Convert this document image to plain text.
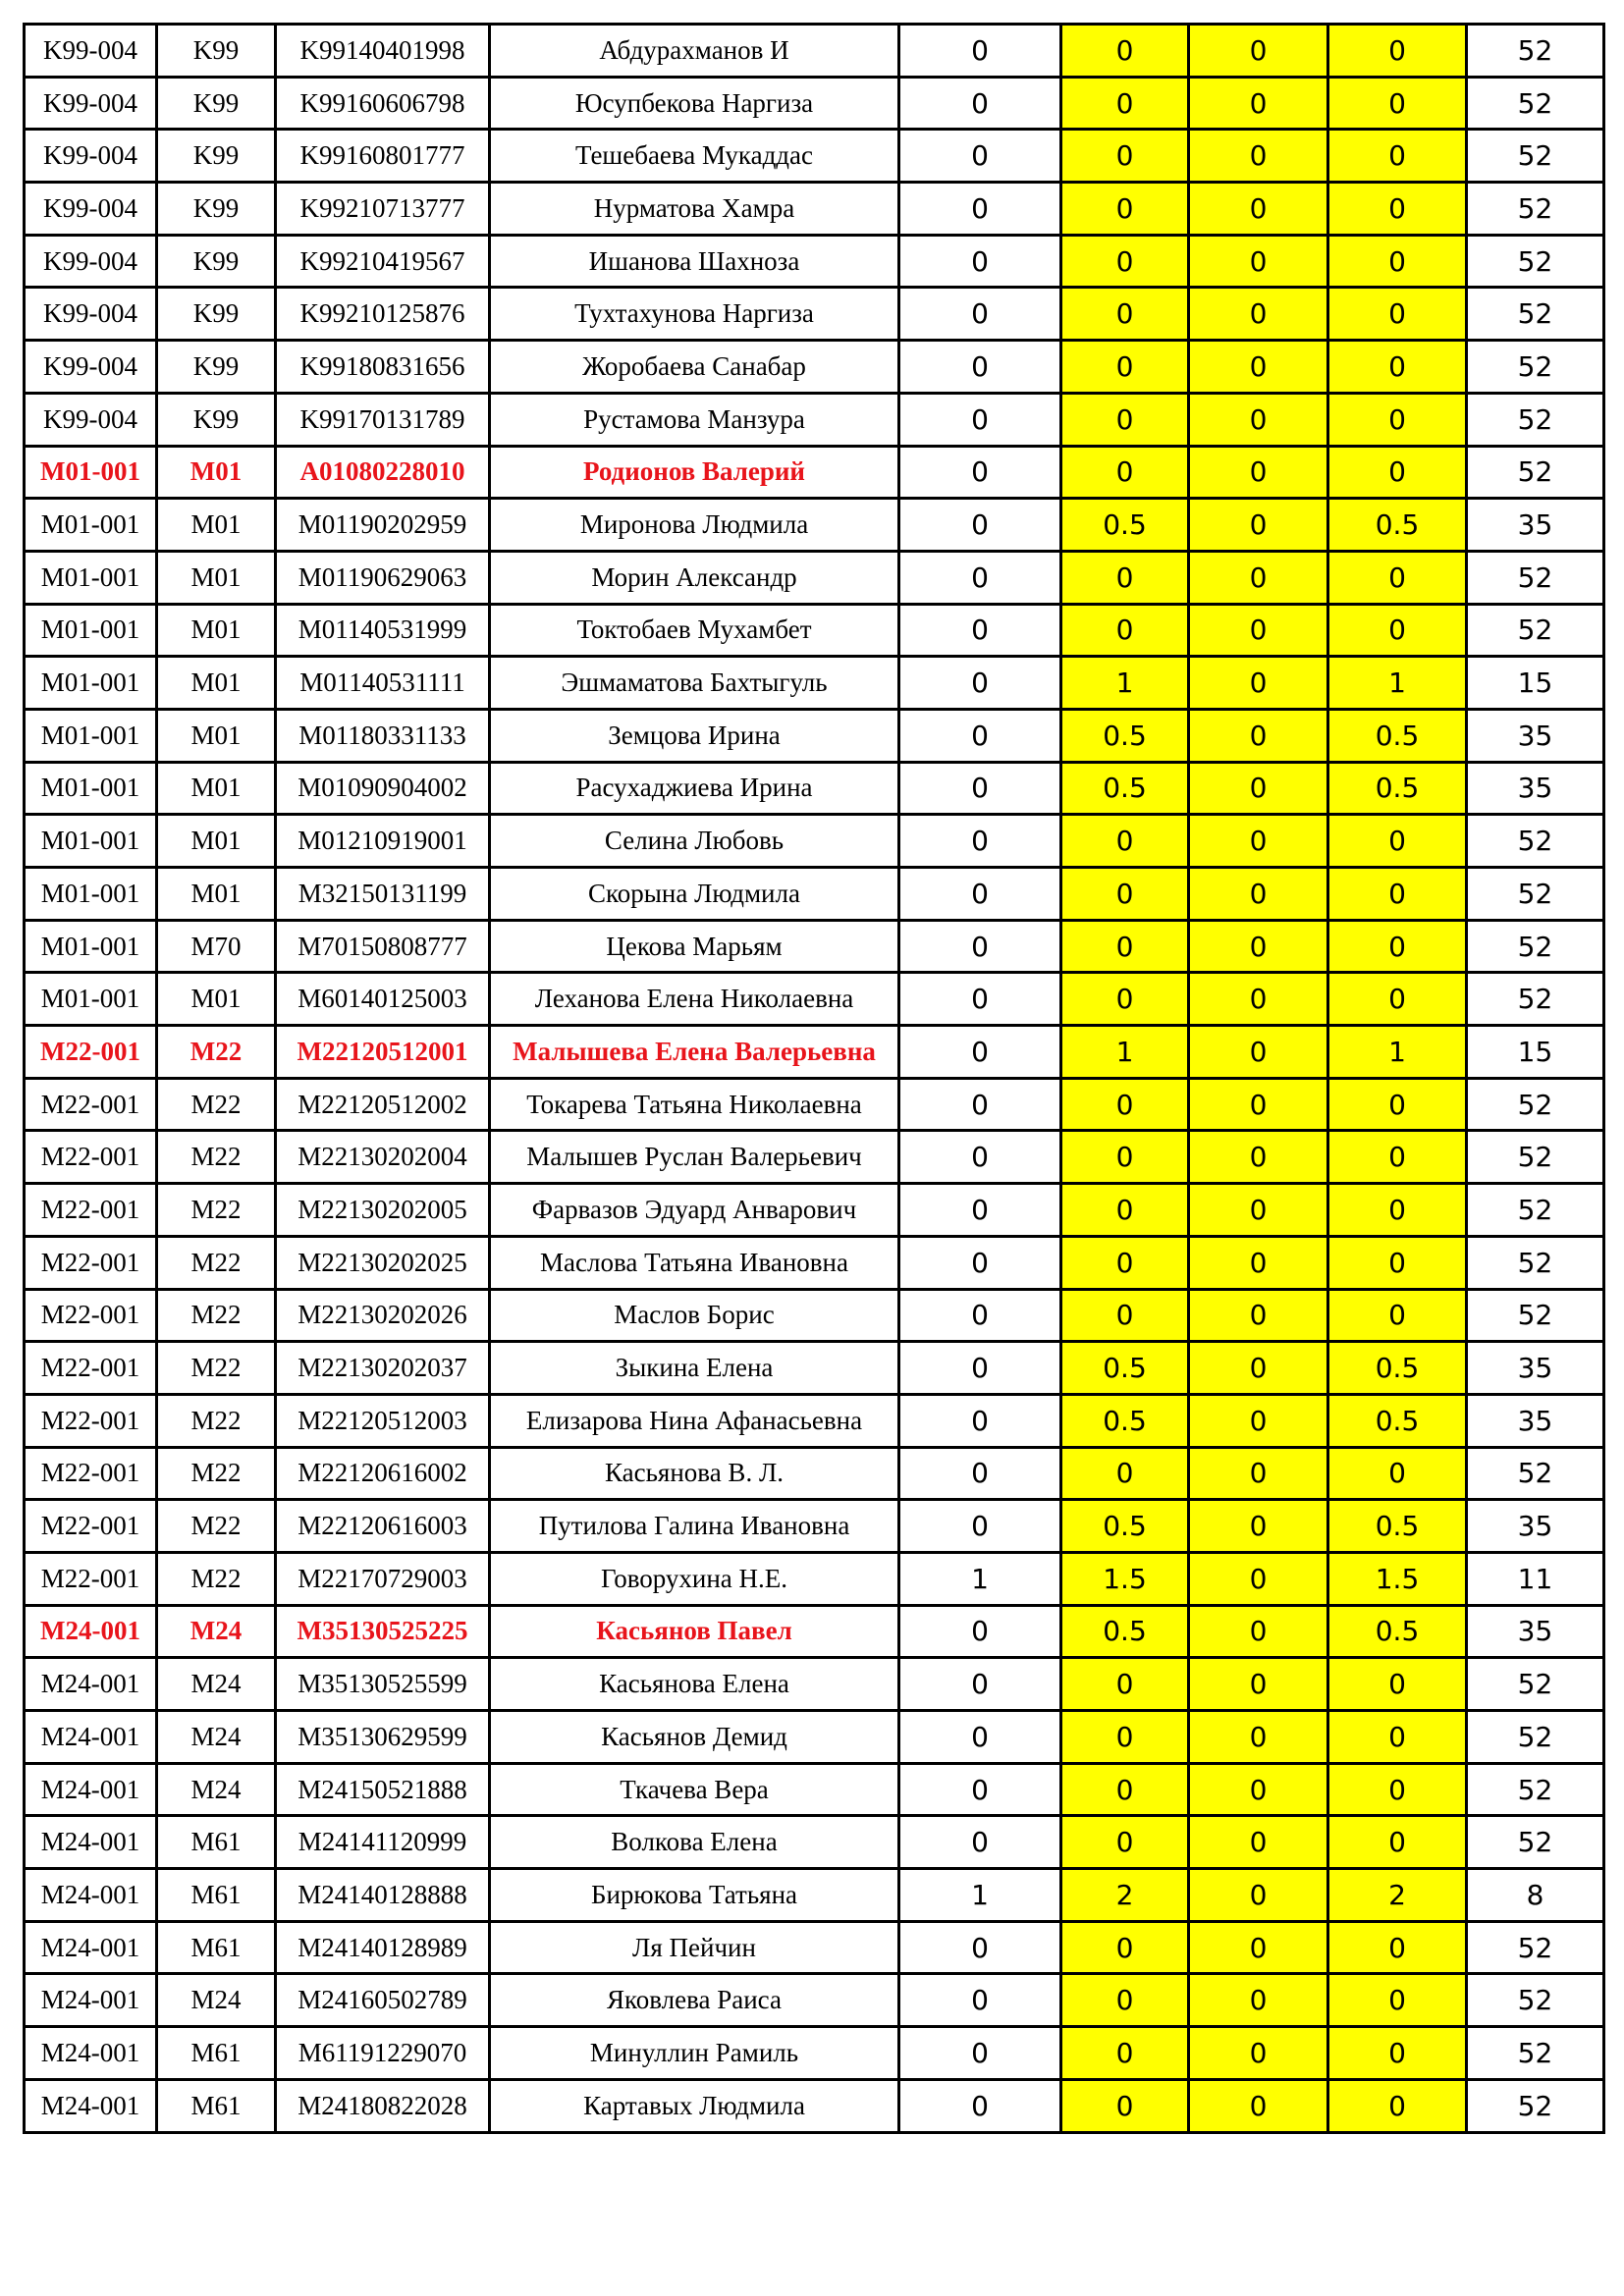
K99-004	K99	K99140401998	Абдурахманов И	0	0	0	0	52
K99-004	K99	K99160606798	Юсупбекова Наргиза	0	0	0	0	52
K99-004	K99	K99160801777	Тешебаева Мукаддас	0	0	0	0	52
K99-004	K99	K99210713777	Нурматова Хамра	0	0	0	0	52
K99-004	K99	K99210419567	Ишанова Шахноза	0	0	0	0	52
K99-004	K99	K99210125876	Тухтахунова Наргиза	0	0	0	0	52
K99-004	K99	K99180831656	Жоробаева Санабар	0	0	0	0	52
K99-004	K99	K99170131789	Рустамова Манзура	0	0	0	0	52
M01-001	M01	A01080228010	Родионов Валерий	0	0	0	0	52
M01-001	M01	M01190202959	Миронова Людмила	0	0.5	0	0.5	35
M01-001	M01	M01190629063	Морин Александр	0	0	0	0	52
M01-001	M01	M01140531999	Токтобаев Мухамбет	0	0	0	0	52
M01-001	M01	M01140531111	Эшмаматова Бахтыгуль	0	1	0	1	15
M01-001	M01	M01180331133	Земцова Ирина	0	0.5	0	0.5	35
M01-001	M01	M01090904002	Расухаджиева Ирина	0	0.5	0	0.5	35
M01-001	M01	M01210919001	Селина Любовь	0	0	0	0	52
M01-001	M01	M32150131199	Скорына Людмила	0	0	0	0	52
M01-001	M70	M70150808777	Цекова Марьям	0	0	0	0	52
M01-001	M01	M60140125003	Леханова Елена Николаевна	0	0	0	0	52
M22-001	M22	M22120512001	Малышева Елена Валерьевна	0	1	0	1	15
M22-001	M22	M22120512002	Токарева Татьяна Николаевна	0	0	0	0	52
M22-001	M22	M22130202004	Малышев Руслан Валерьевич	0	0	0	0	52
M22-001	M22	M22130202005	Фарвазов Эдуард Анварович	0	0	0	0	52
M22-001	M22	M22130202025	Маслова Татьяна Ивановна	0	0	0	0	52
M22-001	M22	M22130202026	Маслов Борис	0	0	0	0	52
M22-001	M22	M22130202037	Зыкина Елена	0	0.5	0	0.5	35
M22-001	M22	M22120512003	Елизарова Нина Афанасьевна	0	0.5	0	0.5	35
M22-001	M22	M22120616002	Касьянова В. Л.	0	0	0	0	52
M22-001	M22	M22120616003	Путилова Галина Ивановна	0	0.5	0	0.5	35
M22-001	M22	M22170729003	Говорухина Н.Е.	1	1.5	0	1.5	11
M24-001	M24	M35130525225	Касьянов Павел	0	0.5	0	0.5	35
M24-001	M24	M35130525599	Касьянова Елена	0	0	0	0	52
M24-001	M24	M35130629599	Касьянов Демид	0	0	0	0	52
M24-001	M24	M24150521888	Ткачева Вера	0	0	0	0	52
M24-001	M61	M24141120999	Волкова Елена	0	0	0	0	52
M24-001	M61	M24140128888	Бирюкова Татьяна	1	2	0	2	8
M24-001	M61	M24140128989	Ля Пейчин	0	0	0	0	52
M24-001	M24	M24160502789	Яковлева Раиса	0	0	0	0	52
M24-001	M61	M61191229070	Минуллин Рамиль	0	0	0	0	52
M24-001	M61	M24180822028	Картавых Людмила	0	0	0	0	52
